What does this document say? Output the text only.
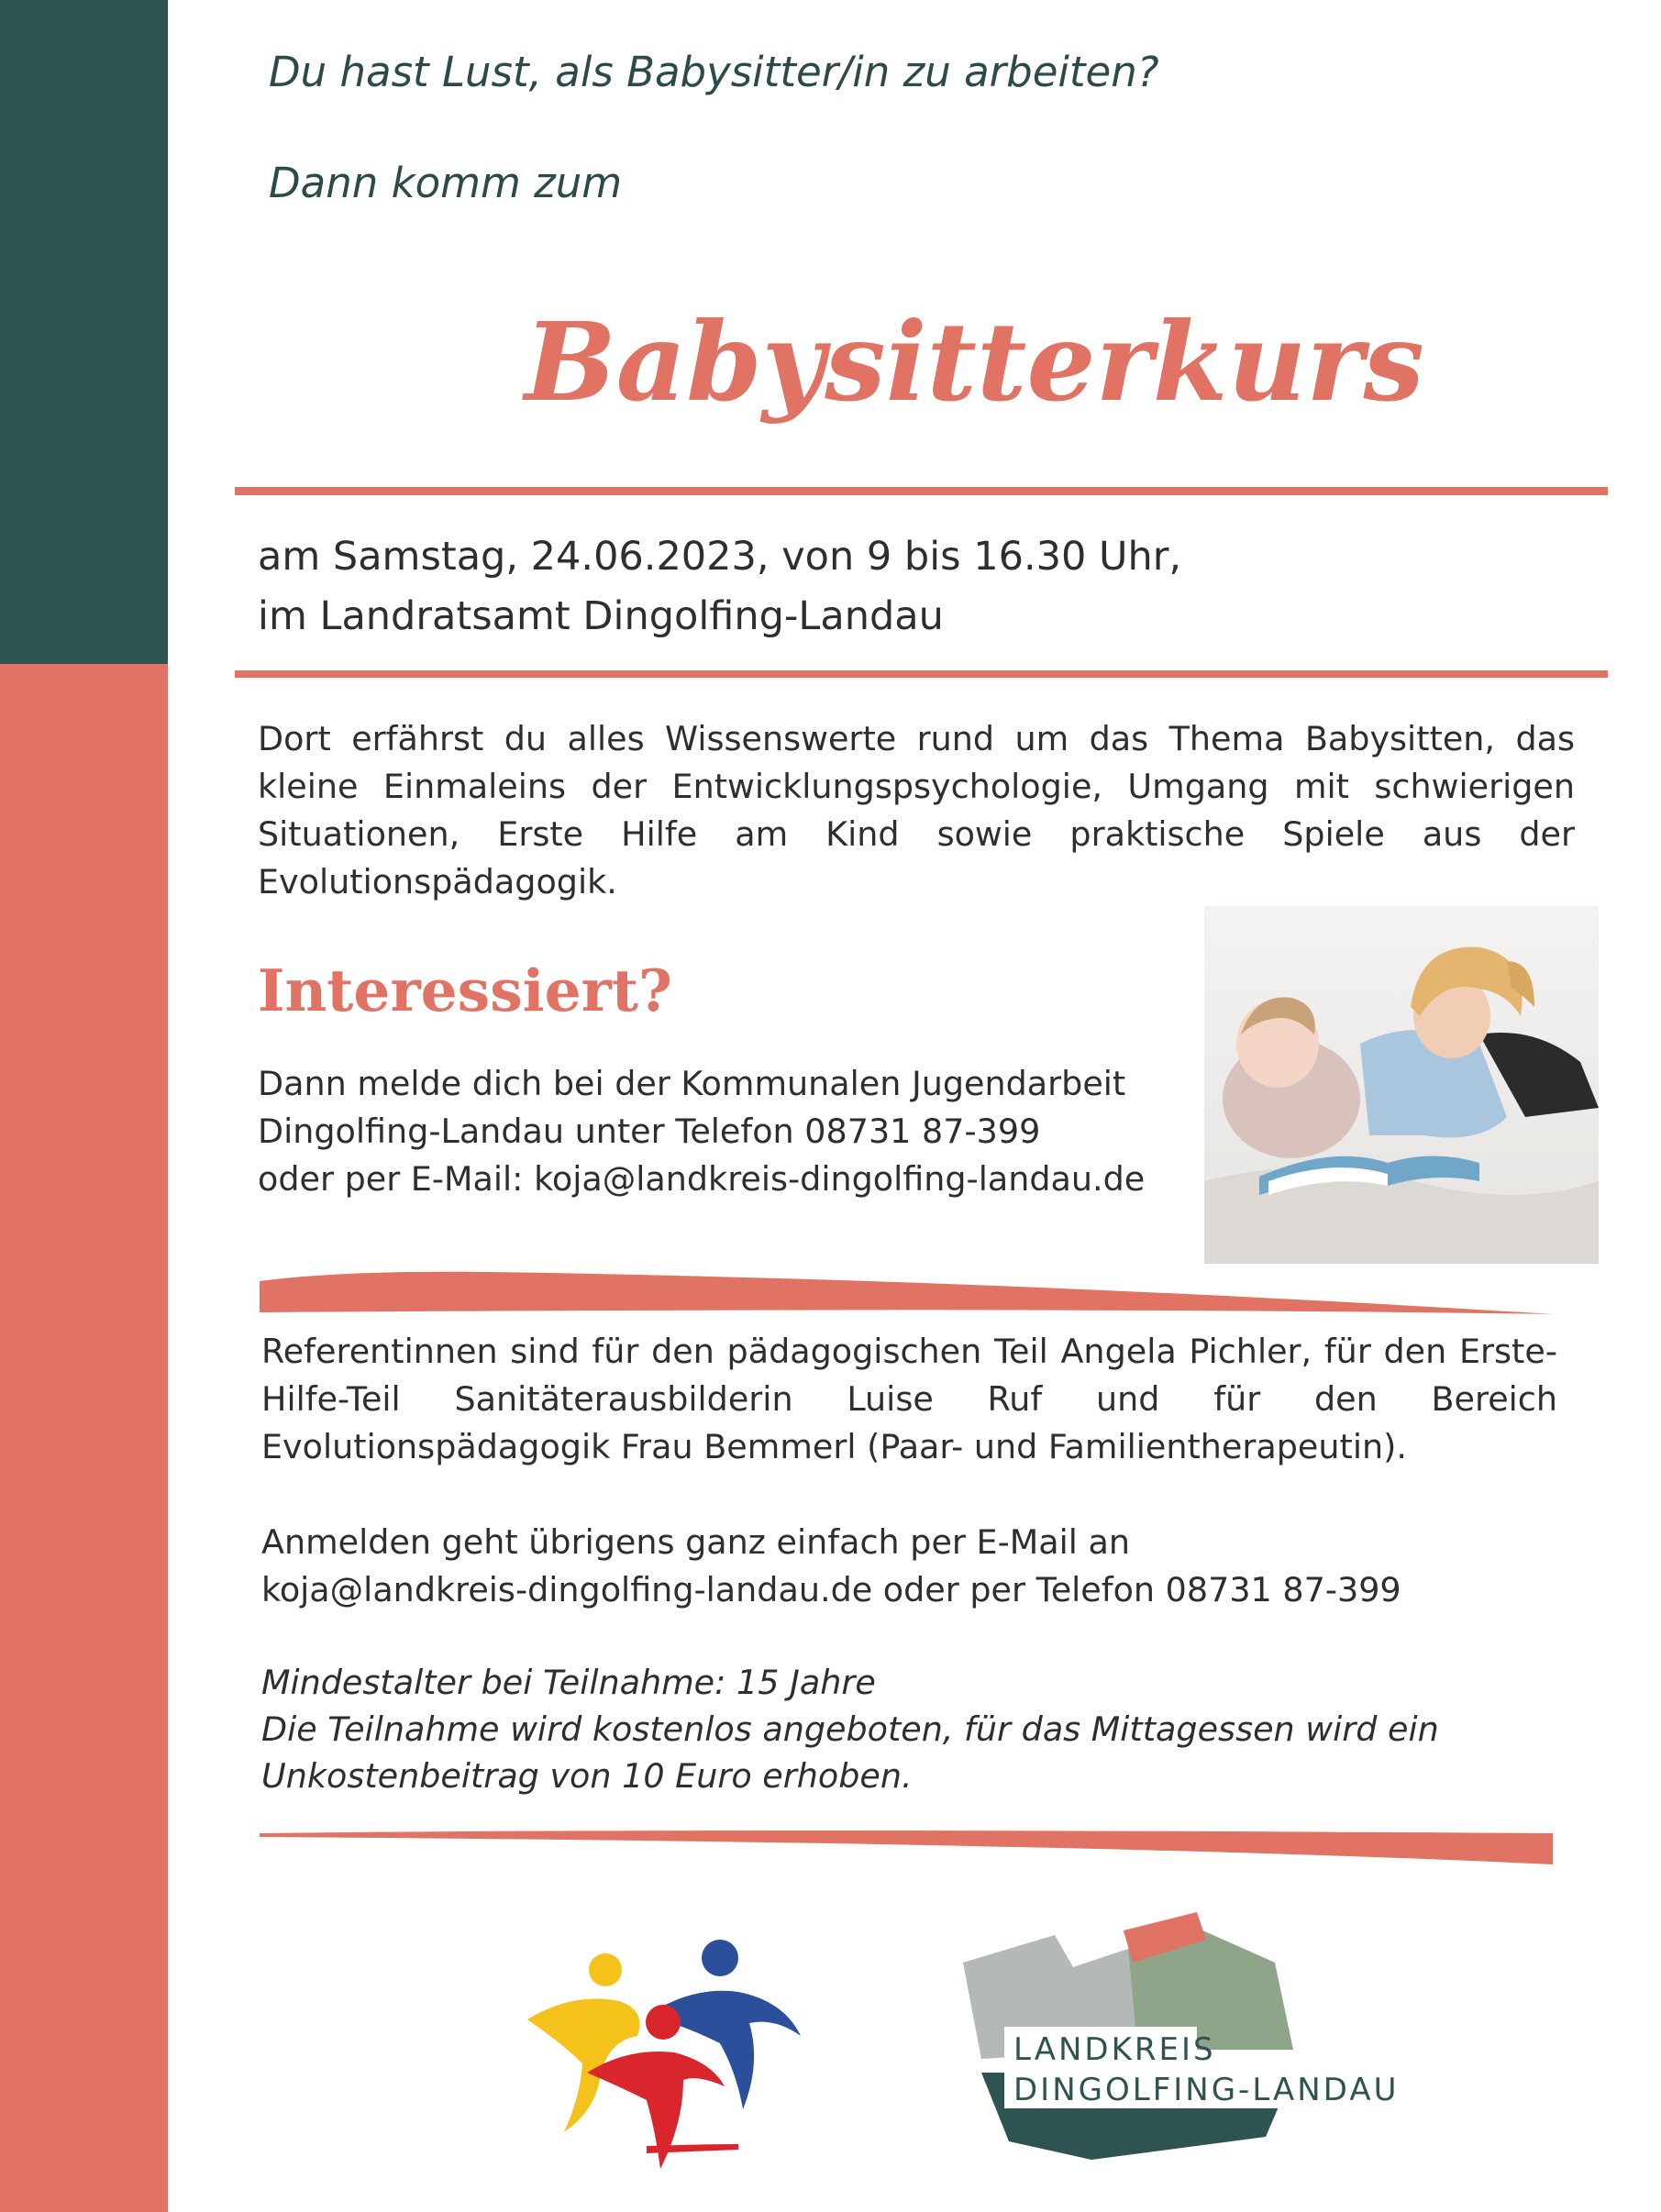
Du hast Lust, als Babysitter/in zu arbeiten?
Dann komm zum
Babysitterkurs
am Samstag, 24.06.2023, von 9 bis 16.30 Uhr,
im Landratsamt Dingolfing-Landau
Dort erfährst du alles Wissenswerte rund um das Thema Babysitten, das kleine Einmaleins der Entwicklungspsychologie, Umgang mit schwierigen Situationen, Erste Hilfe am Kind sowie praktische Spiele aus der Evolutionspädagogik.
Interessiert?
Dann melde dich bei der Kommunalen Jugendarbeit
Dingolfing-Landau unter Telefon 08731 87-399
oder per E-Mail: koja@landkreis-dingolfing-landau.de
Referentinnen sind für den pädagogischen Teil Angela Pichler, für den Erste-Hilfe-Teil Sanitäterausbilderin Luise Ruf und für den Bereich Evolutionspädagogik Frau Bemmerl (Paar- und Familientherapeutin).
Anmelden geht übrigens ganz einfach per E-Mail an
koja@landkreis-dingolfing-landau.de oder per Telefon 08731 87-399
Mindestalter bei Teilnahme: 15 Jahre
Die Teilnahme wird kostenlos angeboten, für das Mittagessen wird ein
Unkostenbeitrag von 10 Euro erhoben.
LANDKREIS
DINGOLFING-LANDAU
